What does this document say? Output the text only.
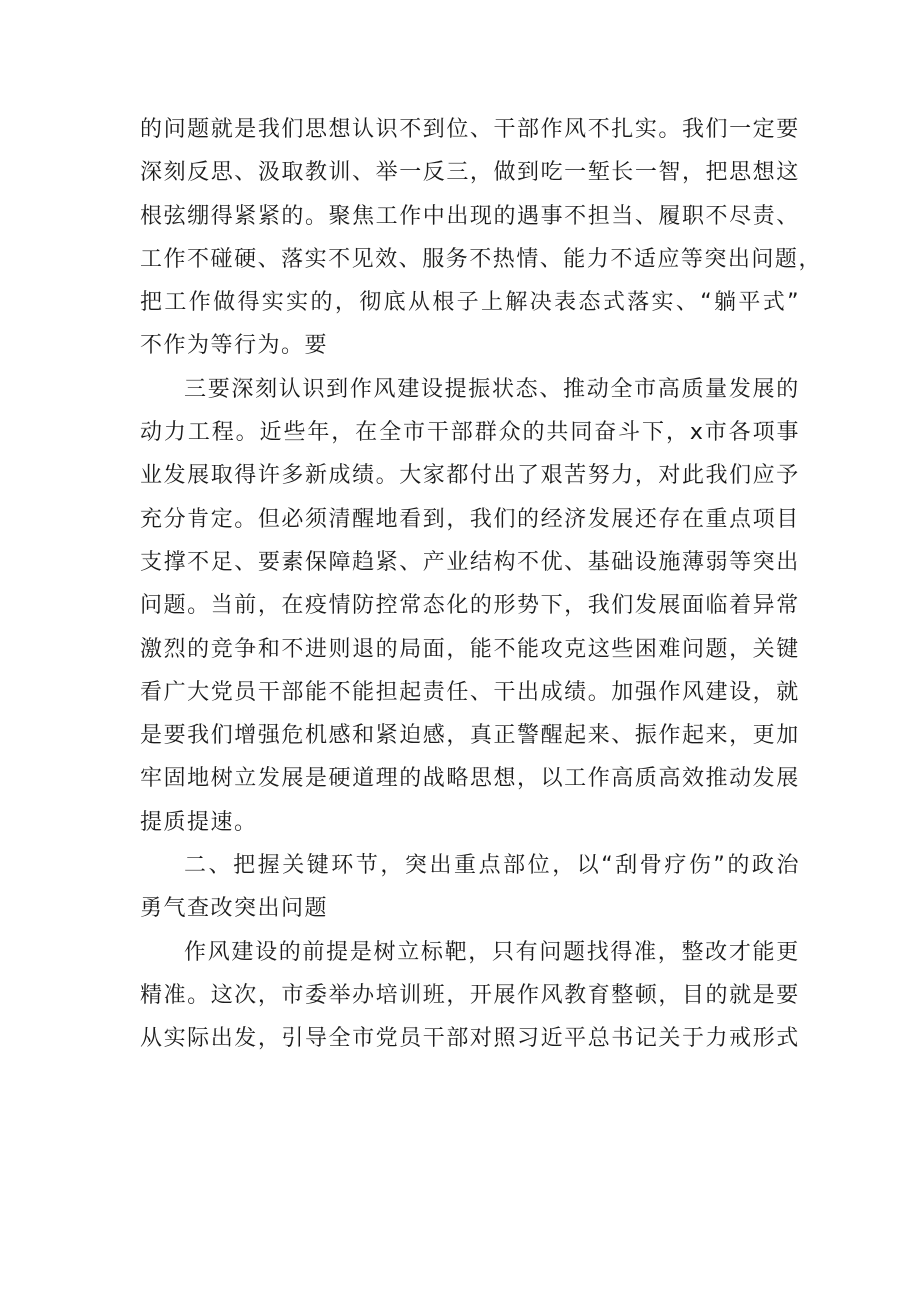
的 问 题 就 是 我 们 思 想 认 识 不 到 位 、 干 部 作 风 不 扎 实 。 我 们 一 定 要
深 刻 反 思 、 汲 取 教 训 、 举 一 反 三 ， 做 到 吃 一 堑 长 一 智 ， 把 思 想 这
根 弦 绷 得 紧 紧 的 。 聚 焦 工 作 中 出 现 的 遇 事 不 担 当 、 履 职 不 尽 责 、
工 作 不 碰 硬 、 落 实 不 见 效 、 服 务 不 热 情 、 能 力 不 适 应 等 突 出 问 题 ，
把 工 作 做 得 实 实 的 ， 彻 底 从 根 子 上 解 决 表 态 式 落 实 、 “ 躺 平 式 ”
不作为等行为。要
三 要 深 刻 认 识 到 作 风 建 设 提 振 状 态 、 推 动 全 市 高 质 量 发 展 的
动 力 工 程 。 近 些 年 ， 在 全 市 干 部 群 众 的 共 同 奋 斗 下 ， x 市 各 项 事
业 发 展 取 得 许 多 新 成 绩 。 大 家 都 付 出 了 艰 苦 努 力 ， 对 此 我 们 应 予
充 分 肯 定 。 但 必 须 清 醒 地 看 到 ， 我 们 的 经 济 发 展 还 存 在 重 点 项 目
支 撑 不 足 、 要 素 保 障 趋 紧 、 产 业 结 构 不 优 、 基 础 设 施 薄 弱 等 突 出
问 题 。 当 前 ， 在 疫 情 防 控 常 态 化 的 形 势 下 ， 我 们 发 展 面 临 着 异 常
激 烈 的 竞 争 和 不 进 则 退 的 局 面 ， 能 不 能 攻 克 这 些 困 难 问 题 ， 关 键
看 广 大 党 员 干 部 能 不 能 担 起 责 任 、 干 出 成 绩 。 加 强 作 风 建 设 ， 就
是 要 我 们 增 强 危 机 感 和 紧 迫 感 ， 真 正 警 醒 起 来 、 振 作 起 来 ， 更 加
牢 固 地 树 立 发 展 是 硬 道 理 的 战 略 思 想 ， 以 工 作 高 质 高 效 推 动 发 展
提质提速。
二 、 把 握 关 键 环 节 ， 突 出 重 点 部 位 ， 以 “ 刮 骨 疗 伤 ” 的 政 治
勇气查改突出问题
作 风 建 设 的 前 提 是 树 立 标 靶 ， 只 有 问 题 找 得 准 ， 整 改 才 能 更
精 准 。 这 次 ， 市 委 举 办 培 训 班 ， 开 展 作 风 教 育 整 顿 ， 目 的 就 是 要
从 实 际 出 发 ， 引 导 全 市 党 员 干 部 对 照 习 近 平 总 书 记 关 于 力 戒 形 式
